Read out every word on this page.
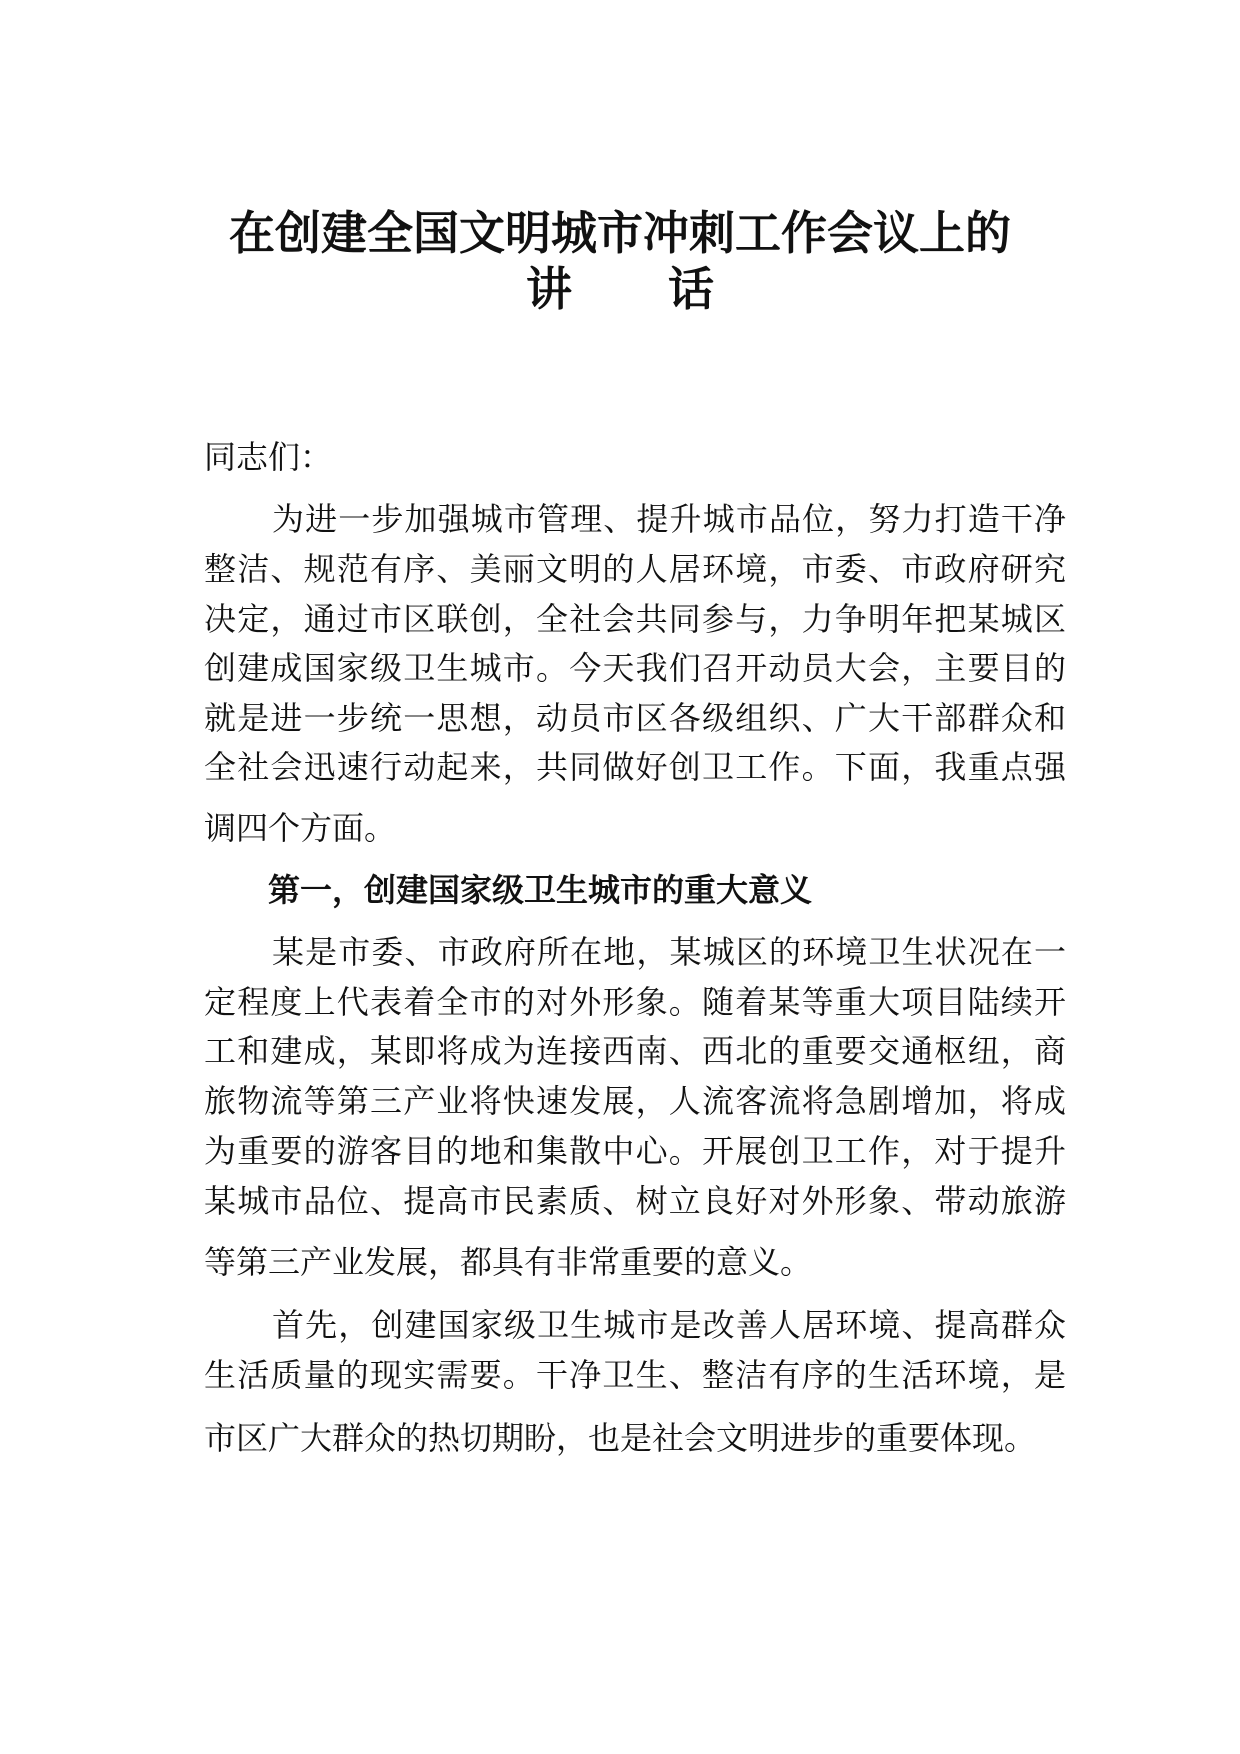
在创建全国文明城市冲刺工作会议上的
讲 话
同志们：
为进一步加强城市管理、提升城市品位，努力打造干净
整洁、规范有序、美丽文明的人居环境，市委、市政府研究
决定，通过市区联创，全社会共同参与，力争明年把某城区
创建成国家级卫生城市。今天我们召开动员大会，主要目的
就是进一步统一思想，动员市区各级组织、广大干部群众和
全社会迅速行动起来，共同做好创卫工作。下面，我重点强
调四个方面。
第一，创建国家级卫生城市的重大意义
某是市委、市政府所在地，某城区的环境卫生状况在一
定程度上代表着全市的对外形象。随着某等重大项目陆续开
工和建成，某即将成为连接西南、西北的重要交通枢纽，商
旅物流等第三产业将快速发展，人流客流将急剧增加，将成
为重要的游客目的地和集散中心。开展创卫工作，对于提升
某城市品位、提高市民素质、树立良好对外形象、带动旅游
等第三产业发展，都具有非常重要的意义。
首先，创建国家级卫生城市是改善人居环境、提高群众
生活质量的现实需要。干净卫生、整洁有序的生活环境，是
市区广大群众的热切期盼，也是社会文明进步的重要体现。
